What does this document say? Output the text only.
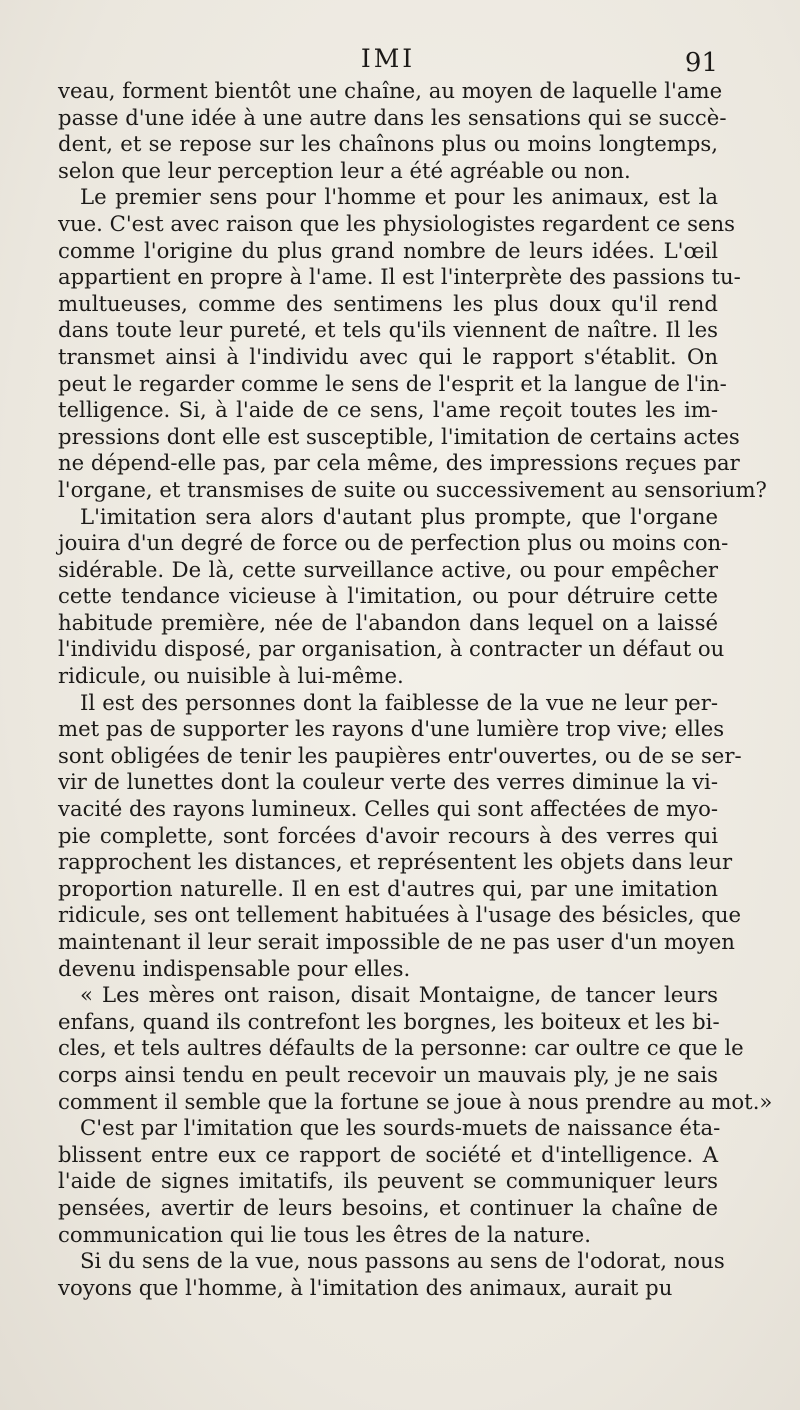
IMI	91
veau, forment bientôt une chaîne, au moyen de laquelle l'ame
passe d'une idée à une autre dans les sensations qui se succè-
dent, et se repose sur les chaînons plus ou moins longtemps,
selon que leur perception leur a été agréable ou non.
Le premier sens pour l'homme et pour les animaux, est la
vue. C'est avec raison que les physiologistes regardent ce sens
comme l'origine du plus grand nombre de leurs idées. L'œil
appartient en propre à l'ame. Il est l'interprète des passions tu-
multueuses, comme des sentimens les plus doux qu'il rend
dans toute leur pureté, et tels qu'ils viennent de naître. Il les
transmet ainsi à l'individu avec qui le rapport s'établit. On
peut le regarder comme le sens de l'esprit et la langue de l'in-
telligence. Si, à l'aide de ce sens, l'ame reçoit toutes les im-
pressions dont elle est susceptible, l'imitation de certains actes
ne dépend-elle pas, par cela même, des impressions reçues par
l'organe, et transmises de suite ou successivement au sensorium?
L'imitation sera alors d'autant plus prompte, que l'organe
jouira d'un degré de force ou de perfection plus ou moins con-
sidérable. De là, cette surveillance active, ou pour empêcher
cette tendance vicieuse à l'imitation, ou pour détruire cette
habitude première, née de l'abandon dans lequel on a laissé
l'individu disposé, par organisation, à contracter un défaut ou
ridicule, ou nuisible à lui-même.
Il est des personnes dont la faiblesse de la vue ne leur per-
met pas de supporter les rayons d'une lumière trop vive; elles
sont obligées de tenir les paupières entr'ouvertes, ou de se ser-
vir de lunettes dont la couleur verte des verres diminue la vi-
vacité des rayons lumineux. Celles qui sont affectées de myo-
pie complette, sont forcées d'avoir recours à des verres qui
rapprochent les distances, et représentent les objets dans leur
proportion naturelle. Il en est d'autres qui, par une imitation
ridicule, ses ont tellement habituées à l'usage des bésicles, que
maintenant il leur serait impossible de ne pas user d'un moyen
devenu indispensable pour elles.
« Les mères ont raison, disait Montaigne, de tancer leurs
enfans, quand ils contrefont les borgnes, les boiteux et les bi-
cles, et tels aultres défaults de la personne: car oultre ce que le
corps ainsi tendu en peult recevoir un mauvais ply, je ne sais
comment il semble que la fortune se joue à nous prendre au mot.»
C'est par l'imitation que les sourds-muets de naissance éta-
blissent entre eux ce rapport de société et d'intelligence. A
l'aide de signes imitatifs, ils peuvent se communiquer leurs
pensées, avertir de leurs besoins, et continuer la chaîne de
communication qui lie tous les êtres de la nature.
Si du sens de la vue, nous passons au sens de l'odorat, nous
voyons que l'homme, à l'imitation des animaux, aurait pu
